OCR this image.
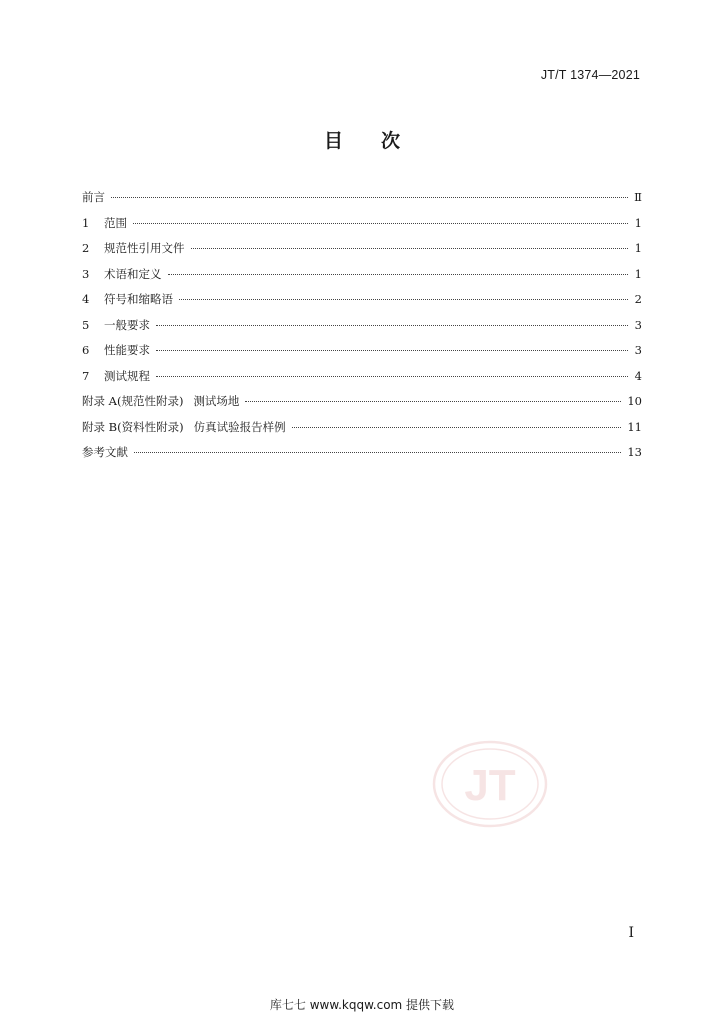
JT/T 1374—2021
目　　次
前言	Ⅱ
1	范围	1
2	规范性引用文件	1
3	术语和定义	1
4	符号和缩略语	2
5	一般要求	3
6	性能要求	3
7	测试规程	4
附录 A(规范性附录) 测试场地	10
附录 B(资料性附录) 仿真试验报告样例	11
参考文献	13
JT
I
库七七 www.kqqw.com 提供下载
